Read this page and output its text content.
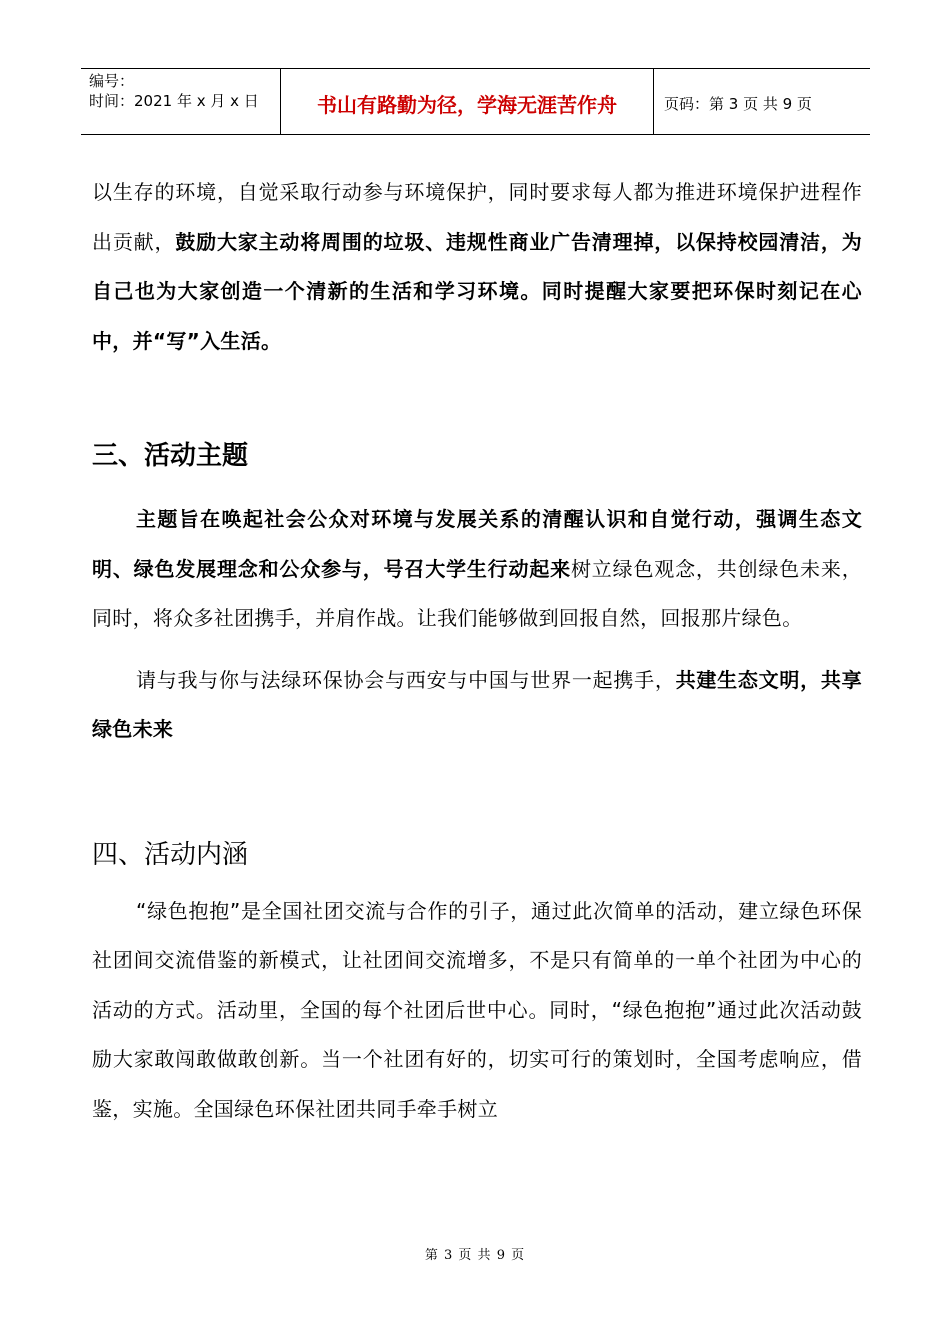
编号：
时间：2021 年 x 月 x 日	书山有路勤为径，学海无涯苦作舟	页码：第 3 页 共 9 页

以生存的环境，自觉采取行动参与环境保护，同时要求每人都为推进环境保护进程作出贡献，鼓励大家主动将周围的垃圾、违规性商业广告清理掉，以保持校园清洁，为自己也为大家创造一个清新的生活和学习环境。同时提醒大家要把环保时刻记在心中，并“写”入生活。

三、活动主题

主题旨在唤起社会公众对环境与发展关系的清醒认识和自觉行动，强调生态文明、绿色发展理念和公众参与，号召大学生行动起来树立绿色观念，共创绿色未来，同时，将众多社团携手，并肩作战。让我们能够做到回报自然，回报那片绿色。

请与我与你与法绿环保协会与西安与中国与世界一起携手，共建生态文明，共享绿色未来

四、活动内涵

“绿色抱抱”是全国社团交流与合作的引子，通过此次简单的活动，建立绿色环保社团间交流借鉴的新模式，让社团间交流增多，不是只有简单的一单个社团为中心的活动的方式。活动里，全国的每个社团后世中心。同时，“绿色抱抱”通过此次活动鼓励大家敢闯敢做敢创新。当一个社团有好的，切实可行的策划时，全国考虑响应，借鉴，实施。全国绿色环保社团共同手牵手树立

第 3 页 共 9 页
